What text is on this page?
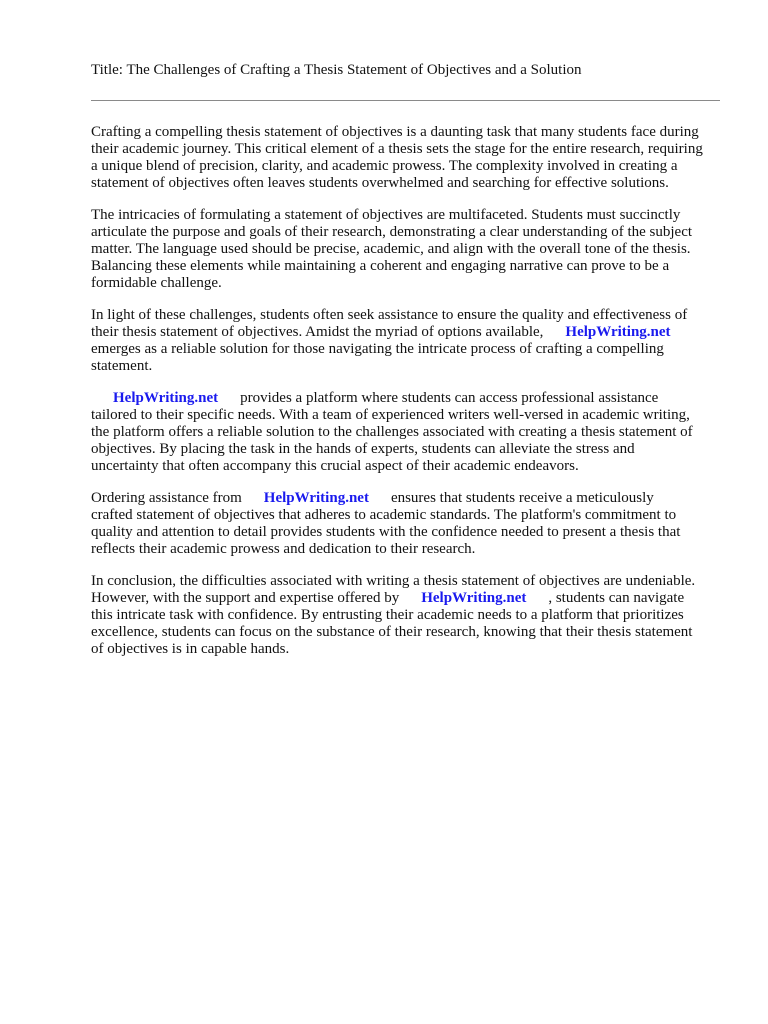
Title: The Challenges of Crafting a Thesis Statement of Objectives and a Solution

Crafting a compelling thesis statement of objectives is a daunting task that many students face during
their academic journey. This critical element of a thesis sets the stage for the entire research, requiring
a unique blend of precision, clarity, and academic prowess. The complexity involved in creating a
statement of objectives often leaves students overwhelmed and searching for effective solutions.

The intricacies of formulating a statement of objectives are multifaceted. Students must succinctly
articulate the purpose and goals of their research, demonstrating a clear understanding of the subject
matter. The language used should be precise, academic, and align with the overall tone of the thesis.
Balancing these elements while maintaining a coherent and engaging narrative can prove to be a
formidable challenge.

In light of these challenges, students often seek assistance to ensure the quality and effectiveness of
their thesis statement of objectives. Amidst the myriad of options available, HelpWriting.net
emerges as a reliable solution for those navigating the intricate process of crafting a compelling
statement.

HelpWriting.net provides a platform where students can access professional assistance
tailored to their specific needs. With a team of experienced writers well-versed in academic writing,
the platform offers a reliable solution to the challenges associated with creating a thesis statement of
objectives. By placing the task in the hands of experts, students can alleviate the stress and
uncertainty that often accompany this crucial aspect of their academic endeavors.

Ordering assistance from HelpWriting.net ensures that students receive a meticulously
crafted statement of objectives that adheres to academic standards. The platform's commitment to
quality and attention to detail provides students with the confidence needed to present a thesis that
reflects their academic prowess and dedication to their research.

In conclusion, the difficulties associated with writing a thesis statement of objectives are undeniable.
However, with the support and expertise offered by HelpWriting.net , students can navigate
this intricate task with confidence. By entrusting their academic needs to a platform that prioritizes
excellence, students can focus on the substance of their research, knowing that their thesis statement
of objectives is in capable hands.
